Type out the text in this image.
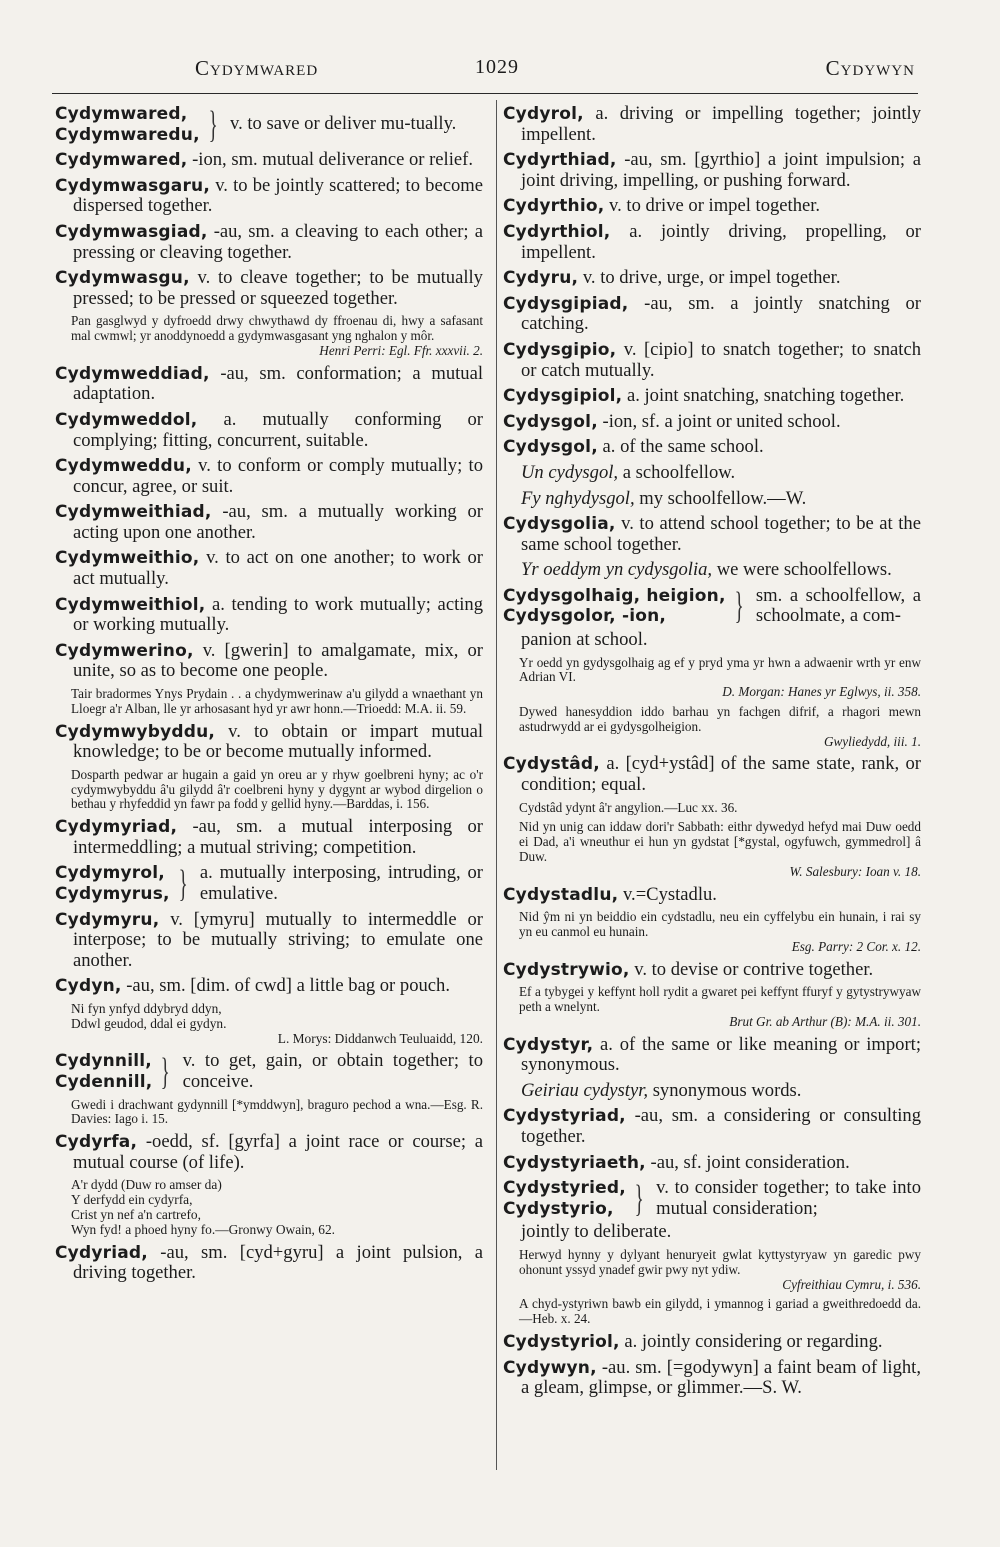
Cydymwared	1029	Cydywyn
Cydymwared,
Cydymwaredu, } v. to save or deliver mu-tually.
Cydymwared, -ion, sm. mutual deliverance or relief.
Cydymwasgaru, v. to be jointly scattered; to become dispersed together.
Cydymwasgiad, -au, sm. a cleaving to each other; a pressing or cleaving together.
Cydymwasgu, v. to cleave together; to be mutually pressed; to be pressed or squeezed together.
Pan gasglwyd y dyfroedd drwy chwythawd dy ffroenau di, hwy a safasant mal cwmwl; yr anoddynoedd a gydymwasgasant yng nghalon y môr.
Henri Perri: Egl. Ffr. xxxvii. 2.
Cydymweddiad, -au, sm. conformation; a mutual adaptation.
Cydymweddol, a. mutually conforming or complying; fitting, concurrent, suitable.
Cydymweddu, v. to conform or comply mutually; to concur, agree, or suit.
Cydymweithiad, -au, sm. a mutually working or acting upon one another.
Cydymweithio, v. to act on one another; to work or act mutually.
Cydymweithiol, a. tending to work mutually; acting or working mutually.
Cydymwerino, v. [gwerin] to amalgamate, mix, or unite, so as to become one people.
Tair bradormes Ynys Prydain . . a chydymwerinaw a'u gilydd a wnaethant yn Lloegr a'r Alban, lle yr arhosasant hyd yr awr honn.—Trioedd: M.A. ii. 59.
Cydymwybyddu, v. to obtain or impart mutual knowledge; to be or become mutually informed.
Dosparth pedwar ar hugain a gaid yn oreu ar y rhyw goelbreni hyny; ac o'r cydymwybyddu â'u gilydd â'r coelbreni hyny y dygynt ar wybod dirgelion o bethau y rhyfeddid yn fawr pa fodd y gellid hyny.—Barddas, i. 156.
Cydymyriad, -au, sm. a mutual interposing or intermeddling; a mutual striving; competition.
Cydymyrol,
Cydymyrus, } a. mutually interposing, intruding, or emulative.
Cydymyru, v. [ymyru] mutually to intermeddle or interpose; to be mutually striving; to emulate one another.
Cydyn, -au, sm. [dim. of cwd] a little bag or pouch.
Ni fyn ynfyd ddybryd ddyn,
Ddwl geudod, ddal ei gydyn.
L. Morys: Diddanwch Teuluaidd, 120.
Cydynnill,
Cydennill, } v. to get, gain, or obtain together; to conceive.
Gwedi i drachwant gydynnill [*ymddwyn], braguro pechod a wna.—Esg. R. Davies: Iago i. 15.
Cydyrfa, -oedd, sf. [gyrfa] a joint race or course; a mutual course (of life).
A'r dydd (Duw ro amser da)
Y derfydd ein cydyrfa,
Crist yn nef a'n cartrefo,
Wyn fyd! a phoed hyny fo.—Gronwy Owain, 62.
Cydyriad, -au, sm. [cyd+gyru] a joint pulsion, a driving together.
Cydyrol, a. driving or impelling together; jointly impellent.
Cydyrthiad, -au, sm. [gyrthio] a joint impulsion; a joint driving, impelling, or pushing forward.
Cydyrthio, v. to drive or impel together.
Cydyrthiol, a. jointly driving, propelling, or impellent.
Cydyru, v. to drive, urge, or impel together.
Cydysgipiad, -au, sm. a jointly snatching or catching.
Cydysgipio, v. [cipio] to snatch together; to snatch or catch mutually.
Cydysgipiol, a. joint snatching, snatching together.
Cydysgol, -ion, sf. a joint or united school.
Cydysgol, a. of the same school.
Un cydysgol, a schoolfellow.
Fy nghydysgol, my schoolfellow.—W.
Cydysgolia, v. to attend school together; to be at the same school together.
Yr oeddym yn cydysgolia, we were schoolfellows.
Cydysgolhaig, heigion,
Cydysgolor, -ion,	} sm. a schoolfellow, a schoolmate, a com-
panion at school.
Yr oedd yn gydysgolhaig ag ef y pryd yma yr hwn a adwaenir wrth yr enw Adrian VI.
D. Morgan: Hanes yr Eglwys, ii. 358.
Dywed hanesyddion iddo barhau yn fachgen difrif, a rhagori mewn astudrwydd ar ei gydysgolheigion.
Gwyliedydd, iii. 1.
Cydystâd, a. [cyd+ystâd] of the same state, rank, or condition; equal.
Cydstâd ydynt â'r angylion.—Luc xx. 36.
Nid yn unig can iddaw dori'r Sabbath: eithr dywedyd hefyd mai Duw oedd ei Dad, a'i wneuthur ei hun yn gydstat [*gystal, ogyfuwch, gymmedrol] â Duw.
W. Salesbury: Ioan v. 18.
Cydystadlu, v.=Cystadlu.
Nid ŷm ni yn beiddio ein cydstadlu, neu ein cyffelybu ein hunain, i rai sy yn eu canmol eu hunain.
Esg. Parry: 2 Cor. x. 12.
Cydystrywio, v. to devise or contrive together.
Ef a tybygei y keffynt holl rydit a gwaret pei keffynt ffuryf y gytystrywyaw peth a wnelynt.
Brut Gr. ab Arthur (B): M.A. ii. 301.
Cydystyr, a. of the same or like meaning or import; synonymous.
Geiriau cydystyr, synonymous words.
Cydystyriad, -au, sm. a considering or consulting together.
Cydystyriaeth, -au, sf. joint consideration.
Cydystyried,
Cydystyrio, } v. to consider together; to take into mutual consideration;
jointly to deliberate.
Herwyd hynny y dylyant henuryeit gwlat kyttystyryaw yn garedic pwy ohonunt yssyd ynadef gwir pwy nyt ydiw.
Cyfreithiau Cymru, i. 536.
A chyd-ystyriwn bawb ein gilydd, i ymannog i gariad a gweithredoedd da.—Heb. x. 24.
Cydystyriol, a. jointly considering or regarding.
Cydywyn, -au. sm. [=godywyn] a faint beam of light, a gleam, glimpse, or glimmer.—S. W.
